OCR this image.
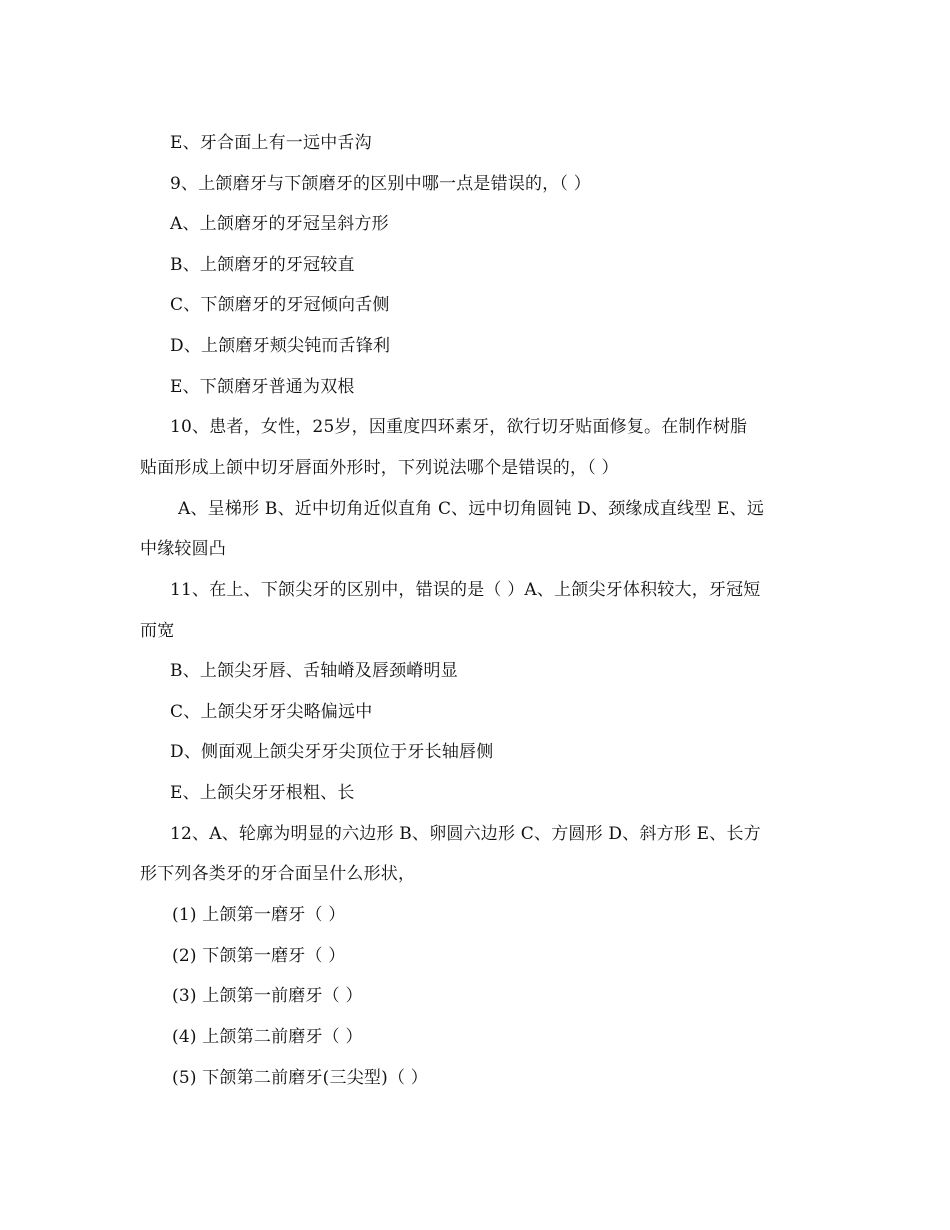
E、牙合面上有一远中舌沟
9、上颌磨牙与下颌磨牙的区别中哪一点是错误的，（ ）
A、上颌磨牙的牙冠呈斜方形
B、上颌磨牙的牙冠较直
C、下颌磨牙的牙冠倾向舌侧
D、上颌磨牙颊尖钝而舌锋利
E、下颌磨牙普通为双根
10、患者，女性，25岁，因重度四环素牙，欲行切牙贴面修复。在制作树脂
贴面形成上颌中切牙唇面外形时，下列说法哪个是错误的，（ ）
A、呈梯形 B、近中切角近似直角 C、远中切角圆钝 D、颈缘成直线型 E、远
中缘较圆凸
11、在上、下颌尖牙的区别中，错误的是（ ）A、上颌尖牙体积较大，牙冠短
而宽
B、上颌尖牙唇、舌轴嵴及唇颈嵴明显
C、上颌尖牙牙尖略偏远中
D、侧面观上颌尖牙牙尖顶位于牙长轴唇侧
E、上颌尖牙牙根粗、长
12、A、轮廓为明显的六边形 B、卵圆六边形 C、方圆形 D、斜方形 E、长方
形下列各类牙的牙合面呈什么形状，
(1) 上颌第一磨牙（ ）
(2) 下颌第一磨牙（ ）
(3) 上颌第一前磨牙（ ）
(4) 上颌第二前磨牙（ ）
(5) 下颌第二前磨牙(三尖型)（ ）
